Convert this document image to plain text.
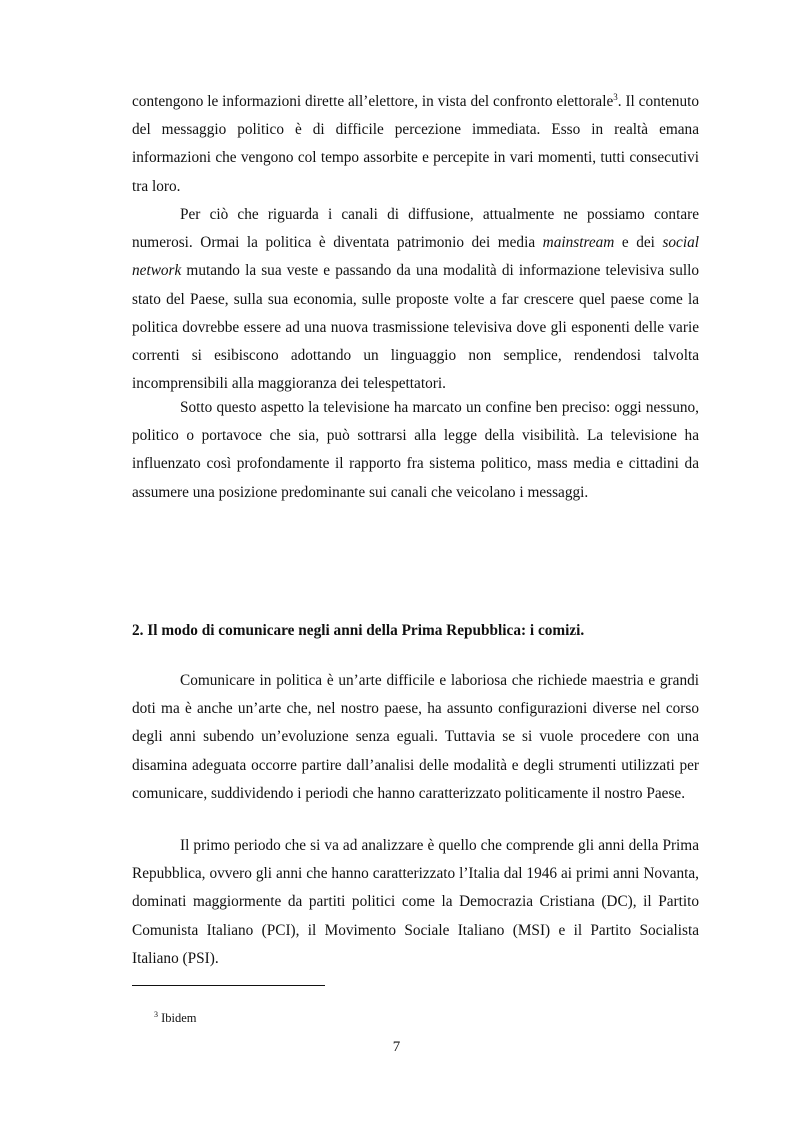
contengono le informazioni dirette all’elettore, in vista del confronto elettorale$^3$. Il contenuto del messaggio politico è di difficile percezione immediata. Esso in realtà emana informazioni che vengono col tempo assorbite e percepite in vari momenti, tutti consecutivi tra loro.

Per ciò che riguarda i canali di diffusione, attualmente ne possiamo contare numerosi. Ormai la politica è diventata patrimonio dei media mainstream e dei social network mutando la sua veste e passando da una modalità di informazione televisiva sullo stato del Paese, sulla sua economia, sulle proposte volte a far crescere quel paese come la politica dovrebbe essere ad una nuova trasmissione televisiva dove gli esponenti delle varie correnti si esibiscono adottando un linguaggio non semplice, rendendosi talvolta incomprensibili alla maggioranza dei telespettatori.

Sotto questo aspetto la televisione ha marcato un confine ben preciso: oggi nessuno, politico o portavoce che sia, può sottrarsi alla legge della visibilità. La televisione ha influenzato così profondamente il rapporto fra sistema politico, mass media e cittadini da assumere una posizione predominante sui canali che veicolano i messaggi.

2. Il modo di comunicare negli anni della Prima Repubblica: i comizi.

Comunicare in politica è un’arte difficile e laboriosa che richiede maestria e grandi doti ma è anche un’arte che, nel nostro paese, ha assunto configurazioni diverse nel corso degli anni subendo un’evoluzione senza eguali. Tuttavia se si vuole procedere con una disamina adeguata occorre partire dall’analisi delle modalità e degli strumenti utilizzati per comunicare, suddividendo i periodi che hanno caratterizzato politicamente il nostro Paese.

Il primo periodo che si va ad analizzare è quello che comprende gli anni della Prima Repubblica, ovvero gli anni che hanno caratterizzato l’Italia dal 1946 ai primi anni Novanta, dominati maggiormente da partiti politici come la Democrazia Cristiana (DC), il Partito Comunista Italiano (PCI), il Movimento Sociale Italiano (MSI) e il Partito Socialista Italiano (PSI).

$^3$ Ibidem

7
